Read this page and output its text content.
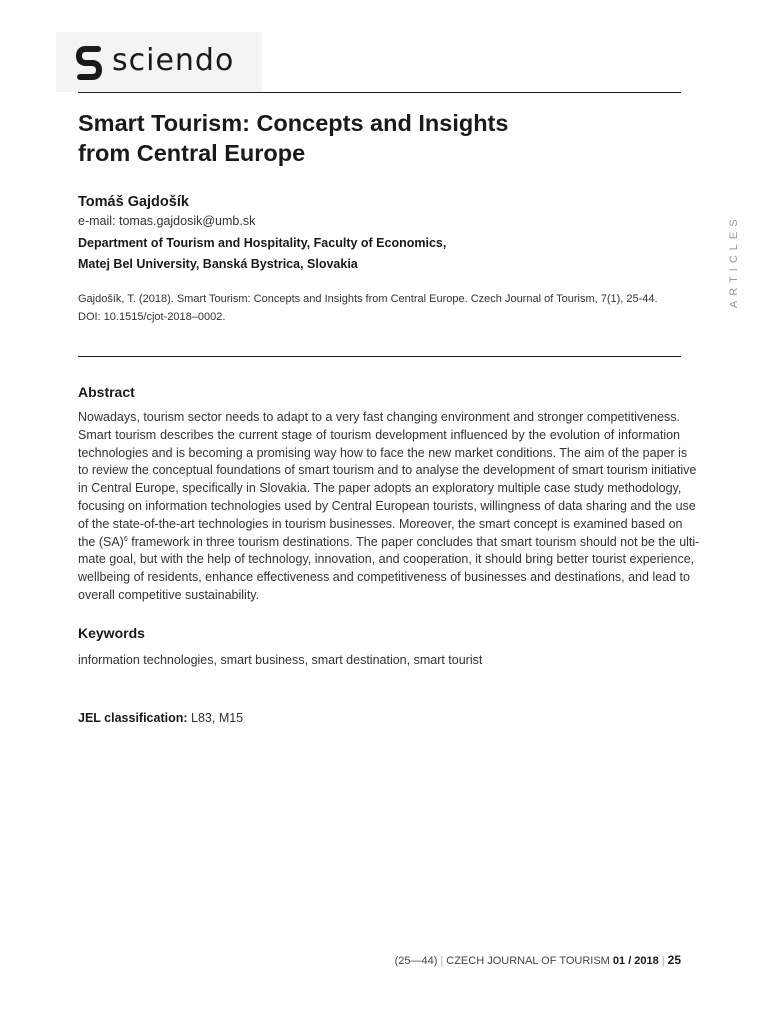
sciendo
Smart Tourism: Concepts and Insights
from Central Europe
Tomáš Gajdošík
e-mail: tomas.gajdosik@umb.sk
Department of Tourism and Hospitality, Faculty of Economics,
Matej Bel University, Banská Bystrica, Slovakia
Gajdošík, T. (2018). Smart Tourism: Concepts and Insights from Central Europe. Czech Journal of Tourism, 7(1), 25-44.
DOI: 10.1515/cjot-2018–0002.
ARTICLES
Abstract
Nowadays, tourism sector needs to adapt to a very fast changing environment and stronger competitiveness.
Smart tourism describes the current stage of tourism development influenced by the evolution of information
technologies and is becoming a promising way how to face the new market conditions. The aim of the paper is
to review the conceptual foundations of smart tourism and to analyse the development of smart tourism initiative
in Central Europe, specifically in Slovakia. The paper adopts an exploratory multiple case study methodology,
focusing on information technologies used by Central European tourists, willingness of data sharing and the use
of the state-of-the-art technologies in tourism businesses. Moreover, the smart concept is examined based on
the (SA)$^6$ framework in three tourism destinations. The paper concludes that smart tourism should not be the ulti-
mate goal, but with the help of technology, innovation, and cooperation, it should bring better tourist experience,
wellbeing of residents, enhance effectiveness and competitiveness of businesses and destinations, and lead to
overall competitive sustainability.
Keywords
information technologies, smart business, smart destination, smart tourist
JEL classification: L83, M15
(25—44) | CZECH JOURNAL OF TOURISM 01 / 2018 | 25
